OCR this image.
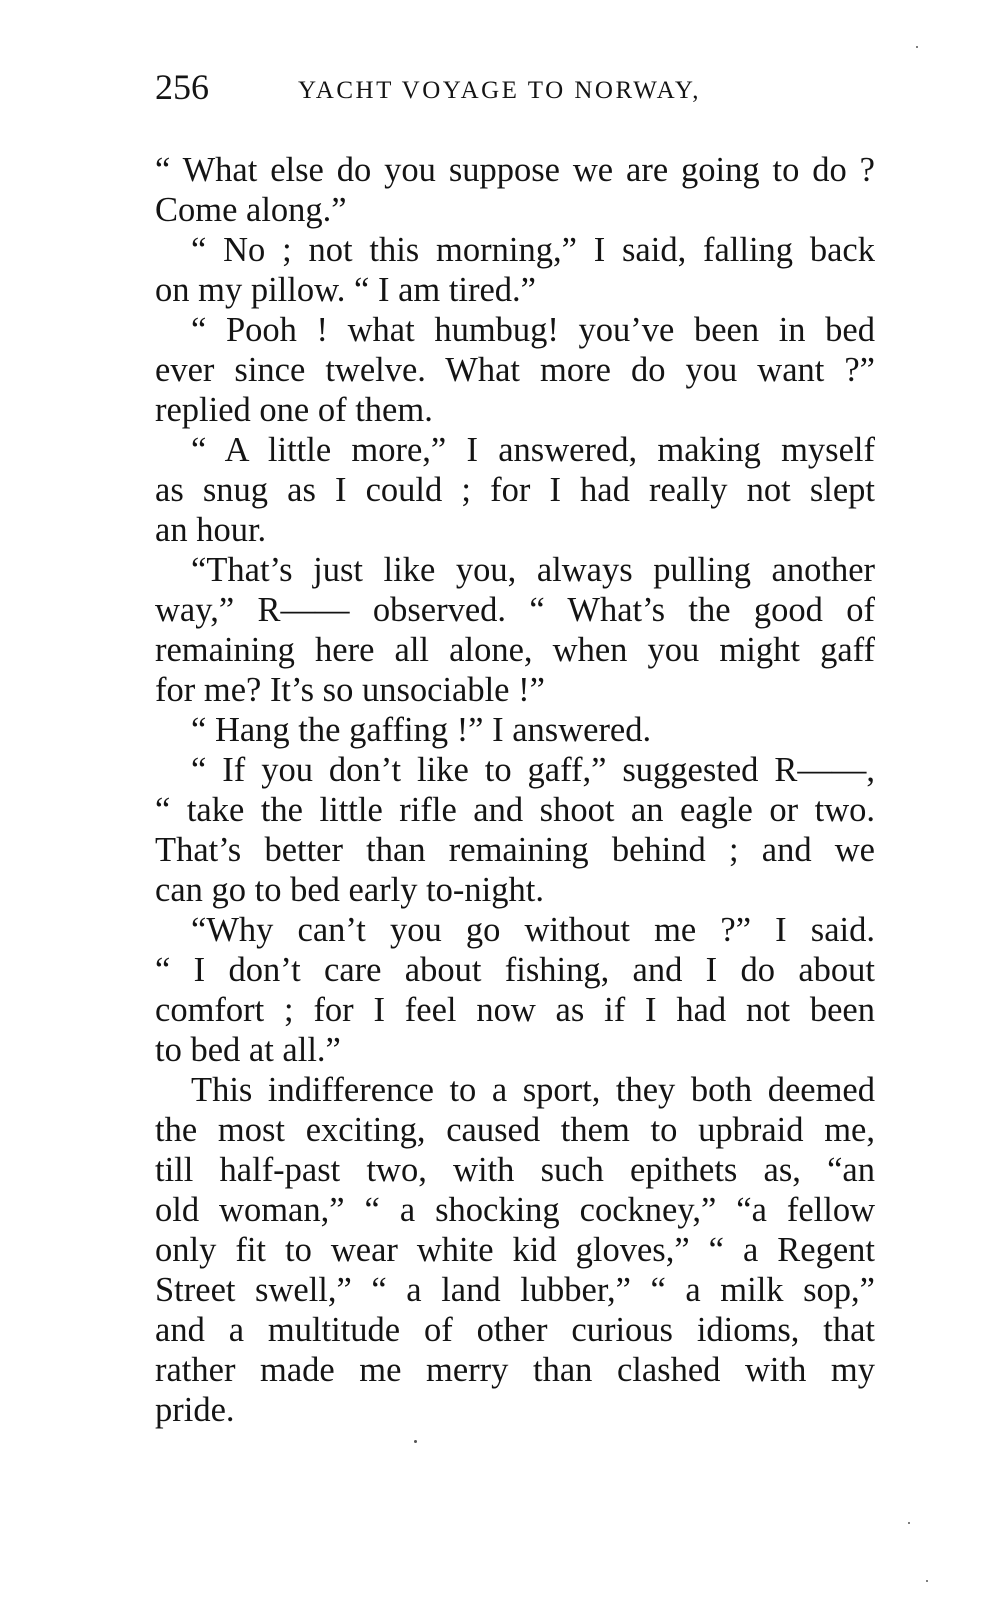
256	YACHT VOYAGE TO NORWAY,
“ What else do you suppose we are going to do ?
Come along.”
“ No ; not this morning,” I said, falling back
on my pillow. “ I am tired.”
“ Pooh ! what humbug! you’ve been in bed
ever since twelve. What more do you want ?”
replied one of them.
“ A little more,” I answered, making myself
as snug as I could ; for I had really not slept
an hour.
“That’s just like you, always pulling another
way,” R—— observed. “ What’s the good of
remaining here all alone, when you might gaff
for me? It’s so unsociable !”
“ Hang the gaffing !” I answered.
“ If you don’t like to gaff,” suggested R——,
“ take the little rifle and shoot an eagle or two.
That’s better than remaining behind ; and we
can go to bed early to-night.
“Why can’t you go without me ?” I said.
“ I don’t care about fishing, and I do about
comfort ; for I feel now as if I had not been
to bed at all.”
This indifference to a sport, they both deemed
the most exciting, caused them to upbraid me,
till half-past two, with such epithets as, “an
old woman,” “ a shocking cockney,” “a fellow
only fit to wear white kid gloves,” “ a Regent
Street swell,” “ a land lubber,” “ a milk sop,”
and a multitude of other curious idioms, that
rather made me merry than clashed with my
pride.
